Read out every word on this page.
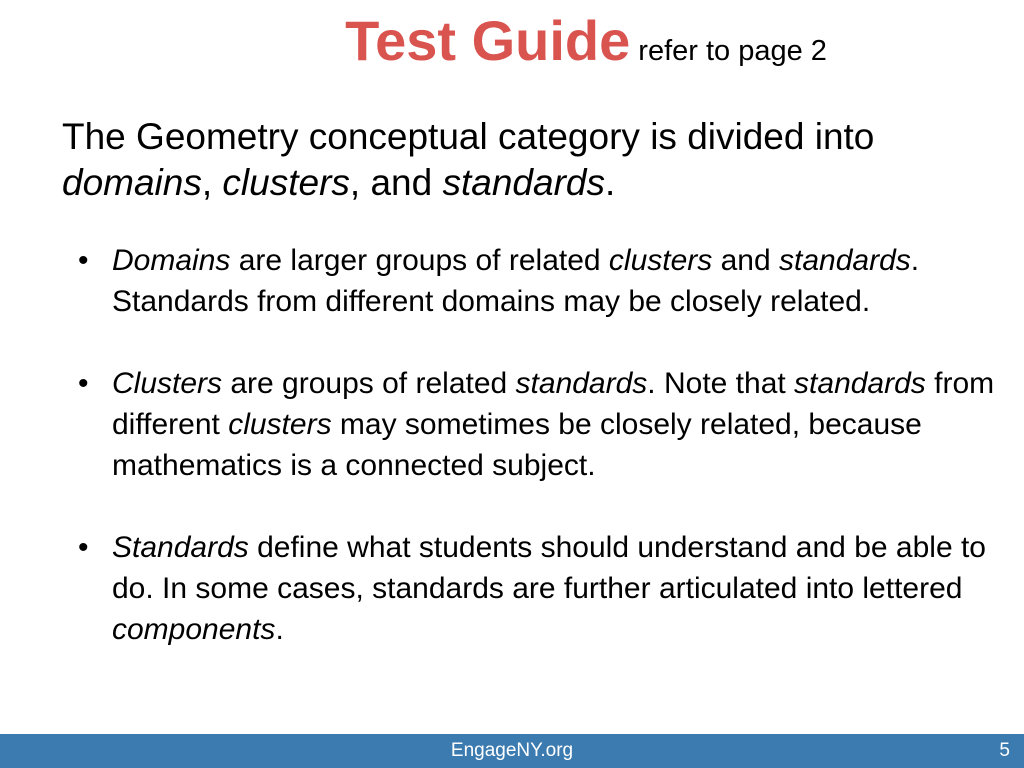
Test Guide refer to page 2
The Geometry conceptual category is divided into domains, clusters, and standards.
• Domains are larger groups of related clusters and standards. Standards from different domains may be closely related.
• Clusters are groups of related standards. Note that standards from different clusters may sometimes be closely related, because mathematics is a connected subject.
• Standards define what students should understand and be able to do. In some cases, standards are further articulated into lettered components.
EngageNY.org	5
